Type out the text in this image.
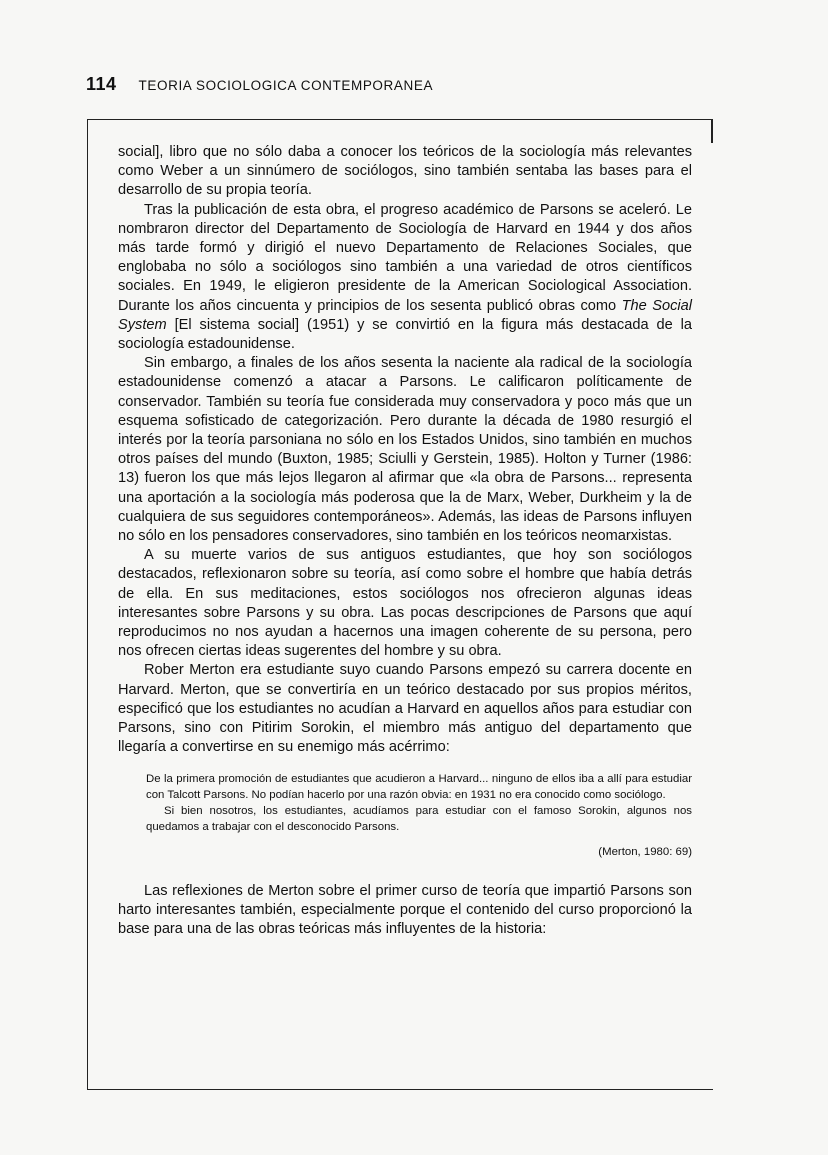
114 TEORIA SOCIOLOGICA CONTEMPORANEA

social], libro que no sólo daba a conocer los teóricos de la sociología más relevantes como Weber a un sinnúmero de sociólogos, sino también sentaba las bases para el desarrollo de su propia teoría.

Tras la publicación de esta obra, el progreso académico de Parsons se aceleró. Le nombraron director del Departamento de Sociología de Harvard en 1944 y dos años más tarde formó y dirigió el nuevo Departamento de Relaciones Sociales, que englobaba no sólo a sociólogos sino también a una variedad de otros científicos sociales. En 1949, le eligieron presidente de la American Sociological Association. Durante los años cincuenta y principios de los sesenta publicó obras como The Social System [El sistema social] (1951) y se convirtió en la figura más destacada de la sociología estadounidense.

Sin embargo, a finales de los años sesenta la naciente ala radical de la sociología estadounidense comenzó a atacar a Parsons. Le calificaron políticamente de conservador. También su teoría fue considerada muy conservadora y poco más que un esquema sofisticado de categorización. Pero durante la década de 1980 resurgió el interés por la teoría parsoniana no sólo en los Estados Unidos, sino también en muchos otros países del mundo (Buxton, 1985; Sciulli y Gerstein, 1985). Holton y Turner (1986: 13) fueron los que más lejos llegaron al afirmar que «la obra de Parsons... representa una aportación a la sociología más poderosa que la de Marx, Weber, Durkheim y la de cualquiera de sus seguidores contemporáneos». Además, las ideas de Parsons influyen no sólo en los pensadores conservadores, sino también en los teóricos neomarxistas.

A su muerte varios de sus antiguos estudiantes, que hoy son sociólogos destacados, reflexionaron sobre su teoría, así como sobre el hombre que había detrás de ella. En sus meditaciones, estos sociólogos nos ofrecieron algunas ideas interesantes sobre Parsons y su obra. Las pocas descripciones de Parsons que aquí reproducimos no nos ayudan a hacernos una imagen coherente de su persona, pero nos ofrecen ciertas ideas sugerentes del hombre y su obra.

Rober Merton era estudiante suyo cuando Parsons empezó su carrera docente en Harvard. Merton, que se convertiría en un teórico destacado por sus propios méritos, especificó que los estudiantes no acudían a Harvard en aquellos años para estudiar con Parsons, sino con Pitirim Sorokin, el miembro más antiguo del departamento que llegaría a convertirse en su enemigo más acérrimo:

De la primera promoción de estudiantes que acudieron a Harvard... ninguno de ellos iba a allí para estudiar con Talcott Parsons. No podían hacerlo por una razón obvia: en 1931 no era conocido como sociólogo.

Si bien nosotros, los estudiantes, acudíamos para estudiar con el famoso Sorokin, algunos nos quedamos a trabajar con el desconocido Parsons.

(Merton, 1980: 69)

Las reflexiones de Merton sobre el primer curso de teoría que impartió Parsons son harto interesantes también, especialmente porque el contenido del curso proporcionó la base para una de las obras teóricas más influyentes de la historia:
